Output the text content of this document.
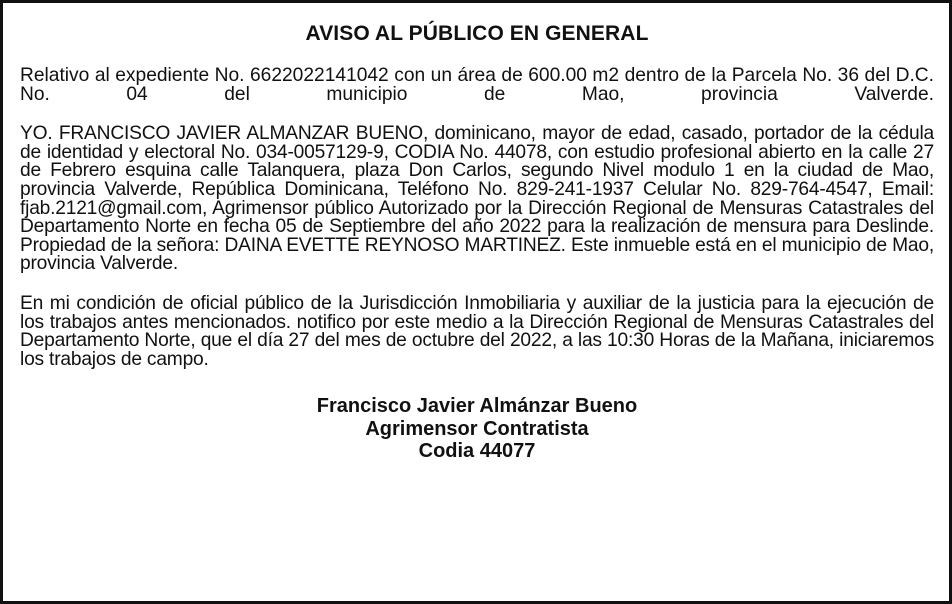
AVISO AL PÚBLICO EN GENERAL

Relativo al expediente No. 6622022141042 con un área de 600.00 m2 dentro de la Parcela No. 36 del D.C. No. 04 del municipio de Mao, provincia Valverde.

YO. FRANCISCO JAVIER ALMANZAR BUENO, dominicano, mayor de edad, casado, portador de la cédula de identidad y electoral No. 034-0057129-9, CODIA No. 44078, con estudio profesional abierto en la calle 27 de Febrero esquina calle Talanquera, plaza Don Carlos, segundo Nivel modulo 1 en la ciudad de Mao, provincia Valverde, República Dominicana, Teléfono No. 829-241-1937 Celular No. 829-764-4547, Email: fjab.2121@gmail.com, Agrimensor público Autorizado por la Dirección Regional de Mensuras Catastrales del Departamento Norte en fecha 05 de Septiembre del año 2022 para la realización de mensura para Deslinde. Propiedad de la señora: DAINA EVETTE REYNOSO MARTINEZ. Este inmueble está en el municipio de Mao, provincia Valverde.

En mi condición de oficial público de la Jurisdicción Inmobiliaria y auxiliar de la justicia para la ejecución de los trabajos antes mencionados. notifico por este medio a la Dirección Regional de Mensuras Catastrales del Departamento Norte, que el día 27 del mes de octubre del 2022, a las 10:30 Horas de la Mañana, iniciaremos los trabajos de campo.

Francisco Javier Almánzar Bueno
Agrimensor Contratista
Codia 44077
